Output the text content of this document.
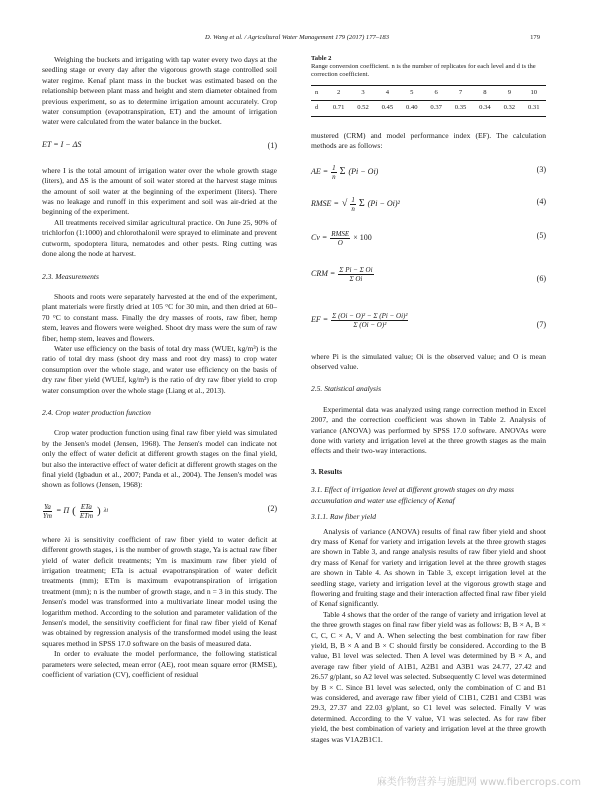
D. Wang et al. / Agricultural Water Management 179 (2017) 177–183	179

Weighing the buckets and irrigating with tap water every two days at the seedling stage or every day after the vigorous growth stage controlled soil water regime. Kenaf plant mass in the bucket was estimated based on the relationship between plant mass and height and stem diameter obtained from previous experiment, so as to determine irrigation amount accurately. Crop water consumption (evapotranspiration, ET) and the amount of irrigation water were calculated from the water balance in the bucket.

ET = I − ΔS	(1)

where I is the total amount of irrigation water over the whole growth stage (liters), and ΔS is the amount of soil water stored at the harvest stage minus the amount of soil water at the beginning of the experiment (liters). There was no leakage and runoff in this experiment and soil was air-dried at the beginning of the experiment.

All treatments received similar agricultural practice. On June 25, 90% of trichlorfon (1:1000) and chlorothalonil were sprayed to eliminate and prevent cutworm, spodoptera litura, nematodes and other pests. Ring cutting was done along the node at harvest.

2.3. Measurements

Shoots and roots were separately harvested at the end of the experiment, plant materials were firstly dried at 105 °C for 30 min, and then dried at 60–70 °C to constant mass. Finally the dry masses of roots, raw fiber, hemp stem, leaves and flowers were weighed. Shoot dry mass were the sum of raw fiber, hemp stem, leaves and flowers.

Water use efficiency on the basis of total dry mass (WUEt, kg/m³) is the ratio of total dry mass (shoot dry mass and root dry mass) to crop water consumption over the whole stage, and water use efficiency on the basis of dry raw fiber yield (WUEf, kg/m³) is the ratio of dry raw fiber yield to crop water consumption over the whole stage (Liang et al., 2013).

2.4. Crop water production function

Crop water production function using final raw fiber yield was simulated by the Jensen's model (Jensen, 1968). The Jensen's model can indicate not only the effect of water deficit at different growth stages on the final yield, but also the interactive effect of water deficit at different growth stages on the final yield (Igbadun et al., 2007; Panda et al., 2004). The Jensen's model was shown as follows (Jensen, 1968):

$\frac{Ya}{Ym} = \Pi$ ( $\frac{\text{ETa}}{\text{ETm}}$ ) λi	(2)

where λi is sensitivity coefficient of raw fiber yield to water deficit at different growth stages, i is the number of growth stage, Ya is actual raw fiber yield of water deficit treatments; Ym is maximum raw fiber yield of irrigation treatment; ETa is actual evapotranspiration of water deficit treatments (mm); ETm is maximum evapotranspiration of irrigation treatment (mm); n is the number of growth stage, and n = 3 in this study. The Jensen's model was transformed into a multivariate linear model using the logarithm method. According to the solution and parameter validation of the Jensen's model, the sensitivity coefficient for final raw fiber yield of Kenaf was obtained by regression analysis of the transformed model using the least squares method in SPSS 17.0 software on the basis of measured data.

In order to evaluate the model performance, the following statistical parameters were selected, mean error (AE), root mean square error (RMSE), coefficient of variation (CV), coefficient of residual

Table 2
Range conversion coefficient. n is the number of replicates for each level and d is the correction coefficient.
n	2	3	4	5	6	7	8	9	10
d	0.71	0.52	0.45	0.40	0.37	0.35	0.34	0.32	0.31

mustered (CRM) and model performance index (EF). The calculation methods are as follows:

AE = $\frac{1}{n}$ Σ (Pi − Oi)	(3)
RMSE = √ $\frac{1}{n}$ Σ (Pi − Oi)²	(4)
$Cv = \frac{\text{RMSE}}{O} \times 100$	(5)
CRM = $\frac{\text{Σ Pi − Σ Oi}}{\text{Σ Oi}}$	(6)
EF = $\frac{\text{Σ (Oi − O)² − Σ (Pi − Oi)²}}{\text{Σ (Oi − O)²}}$	(7)

where Pi is the simulated value; Oi is the observed value; and O is mean observed value.

2.5. Statistical analysis

Experimental data was analyzed using range correction method in Excel 2007, and the correction coefficient was shown in Table 2. Analysis of variance (ANOVA) was performed by SPSS 17.0 software. ANOVAs were done with variety and irrigation level at the three growth stages as the main effects and their two-way interactions.

3. Results
3.1. Effect of irrigation level at different growth stages on dry mass accumulation and water use efficiency of Kenaf
3.1.1. Raw fiber yield

Analysis of variance (ANOVA) results of final raw fiber yield and shoot dry mass of Kenaf for variety and irrigation levels at the three growth stages are shown in Table 3, and range analysis results of raw fiber yield and shoot dry mass of Kenaf for variety and irrigation level at the three growth stages are shown in Table 4. As shown in Table 3, except irrigation level at the seedling stage, variety and irrigation level at the vigorous growth stage and flowering and fruiting stage and their interaction affected final raw fiber yield of Kenaf significantly.

Table 4 shows that the order of the range of variety and irrigation level at the three growth stages on final raw fiber yield was as follows: B, B × A, B × C, C, C × A, V and A. When selecting the best combination for raw fiber yield, B, B × A and B × C should firstly be considered. According to the B value, B1 level was selected. Then A level was determined by B × A, and average raw fiber yield of A1B1, A2B1 and A3B1 was 24.77, 27.42 and 26.57 g/plant, so A2 level was selected. Subsequently C level was determined by B × C. Since B1 level was selected, only the combination of C and B1 was considered, and average raw fiber yield of C1B1, C2B1 and C3B1 was 29.3, 27.37 and 22.03 g/plant, so C1 level was selected. Finally V was determined. According to the V value, V1 was selected. As for raw fiber yield, the best combination of variety and irrigation level at the three growth stages was V1A2B1C1.

麻类作物营养与施肥网 www.fibercrops.com
